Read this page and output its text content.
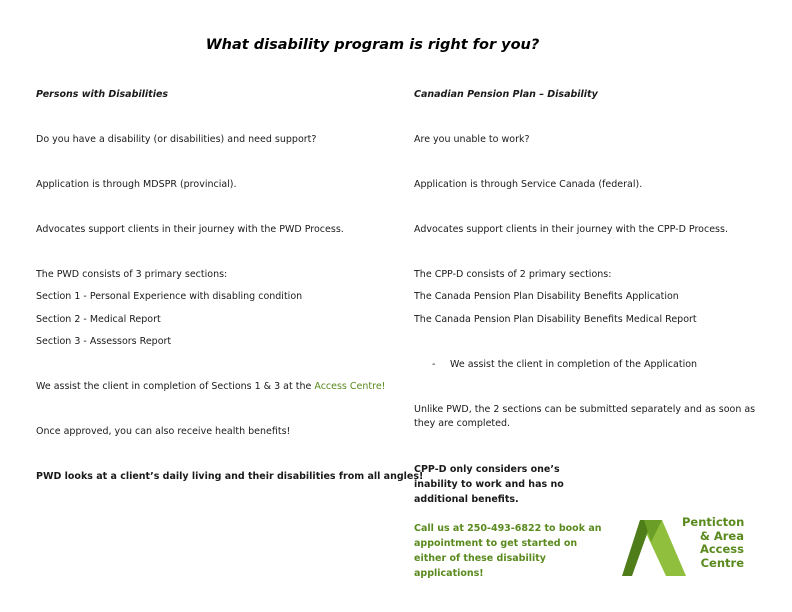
What disability program is right for you?
Persons with Disabilities
Do you have a disability (or disabilities) and need support?
Application is through MDSPR (provincial).
Advocates support clients in their journey with the PWD Process.
The PWD consists of 3 primary sections:
Section 1 - Personal Experience with disabling condition
Section 2 - Medical Report
Section 3 - Assessors Report
We assist the client in completion of Sections 1 & 3 at the Access Centre!
Once approved, you can also receive health benefits!
PWD looks at a client’s daily living and their disabilities from all angles!
Canadian Pension Plan – Disability
Are you unable to work?
Application is through Service Canada (federal).
Advocates support clients in their journey with the CPP-D Process.
The CPP-D consists of 2 primary sections:
The Canada Pension Plan Disability Benefits Application
The Canada Pension Plan Disability Benefits Medical Report
- We assist the client in completion of the Application
Unlike PWD, the 2 sections can be submitted separately and as soon as they are completed.
CPP-D only considers one’s inability to work and has no additional benefits.
Call us at 250-493-6822 to book an appointment to get started on either of these disability applications!
Penticton
& Area
Access
Centre
